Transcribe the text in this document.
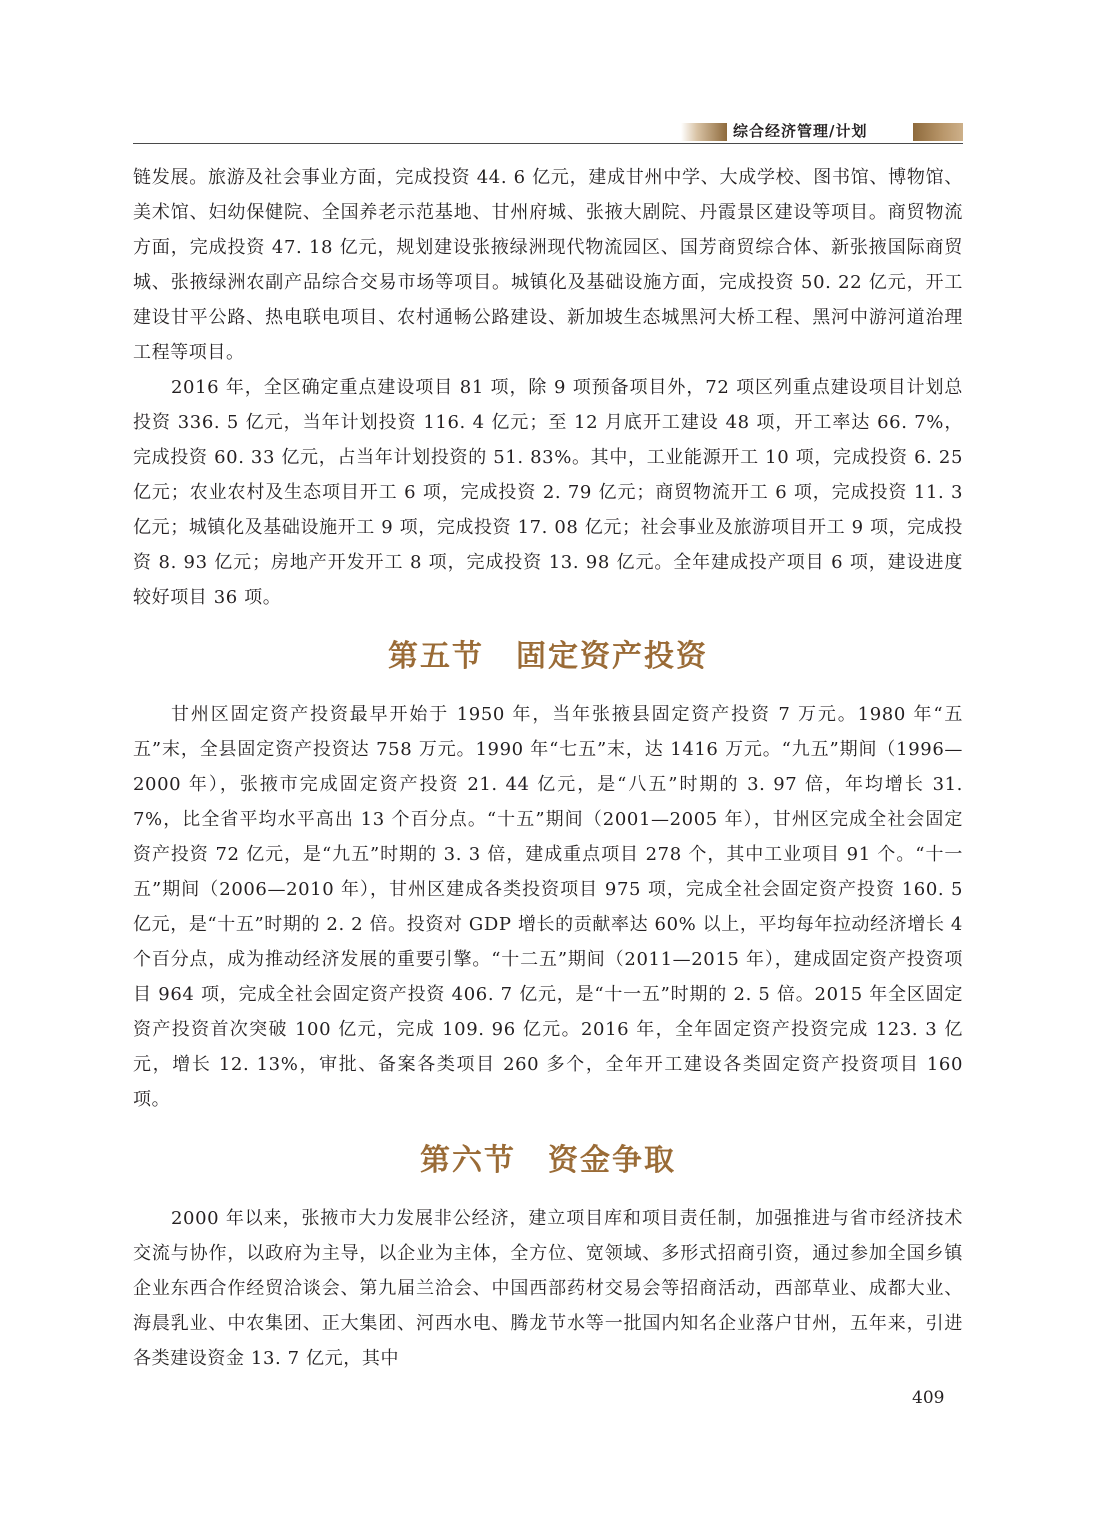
综合经济管理/计划

链发展。旅游及社会事业方面，完成投资 44. 6 亿元，建成甘州中学、大成学校、图书馆、博物馆、美术馆、妇幼保健院、全国养老示范基地、甘州府城、张掖大剧院、丹霞景区建设等项目。商贸物流方面，完成投资 47. 18 亿元，规划建设张掖绿洲现代物流园区、国芳商贸综合体、新张掖国际商贸城、张掖绿洲农副产品综合交易市场等项目。城镇化及基础设施方面，完成投资 50. 22 亿元，开工建设甘平公路、热电联电项目、农村通畅公路建设、新加坡生态城黑河大桥工程、黑河中游河道治理工程等项目。

2016 年，全区确定重点建设项目 81 项，除 9 项预备项目外，72 项区列重点建设项目计划总投资 336. 5 亿元，当年计划投资 116. 4 亿元；至 12 月底开工建设 48 项，开工率达 66. 7%，完成投资 60. 33 亿元，占当年计划投资的 51. 83%。其中，工业能源开工 10 项，完成投资 6. 25 亿元；农业农村及生态项目开工 6 项，完成投资 2. 79 亿元；商贸物流开工 6 项，完成投资 11. 3 亿元；城镇化及基础设施开工 9 项，完成投资 17. 08 亿元；社会事业及旅游项目开工 9 项，完成投资 8. 93 亿元；房地产开发开工 8 项，完成投资 13. 98 亿元。全年建成投产项目 6 项，建设进度较好项目 36 项。

第五节　固定资产投资

甘州区固定资产投资最早开始于 1950 年，当年张掖县固定资产投资 7 万元。1980 年“五五”末，全县固定资产投资达 758 万元。1990 年“七五”末，达 1416 万元。“九五”期间（1996—2000 年），张掖市完成固定资产投资 21. 44 亿元，是“八五”时期的 3. 97 倍，年均增长 31. 7%，比全省平均水平高出 13 个百分点。“十五”期间（2001—2005 年），甘州区完成全社会固定资产投资 72 亿元，是“九五”时期的 3. 3 倍，建成重点项目 278 个，其中工业项目 91 个。“十一五”期间（2006—2010 年），甘州区建成各类投资项目 975 项，完成全社会固定资产投资 160. 5 亿元，是“十五”时期的 2. 2 倍。投资对 GDP 增长的贡献率达 60% 以上，平均每年拉动经济增长 4 个百分点，成为推动经济发展的重要引擎。“十二五”期间（2011—2015 年），建成固定资产投资项目 964 项，完成全社会固定资产投资 406. 7 亿元，是“十一五”时期的 2. 5 倍。2015 年全区固定资产投资首次突破 100 亿元，完成 109. 96 亿元。2016 年，全年固定资产投资完成 123. 3 亿元，增长 12. 13%，审批、备案各类项目 260 多个，全年开工建设各类固定资产投资项目 160 项。

第六节　资金争取

2000 年以来，张掖市大力发展非公经济，建立项目库和项目责任制，加强推进与省市经济技术交流与协作，以政府为主导，以企业为主体，全方位、宽领域、多形式招商引资，通过参加全国乡镇企业东西合作经贸洽谈会、第九届兰洽会、中国西部药材交易会等招商活动，西部草业、成都大业、海晨乳业、中农集团、正大集团、河西水电、腾龙节水等一批国内知名企业落户甘州，五年来，引进各类建设资金 13. 7 亿元，其中

409
